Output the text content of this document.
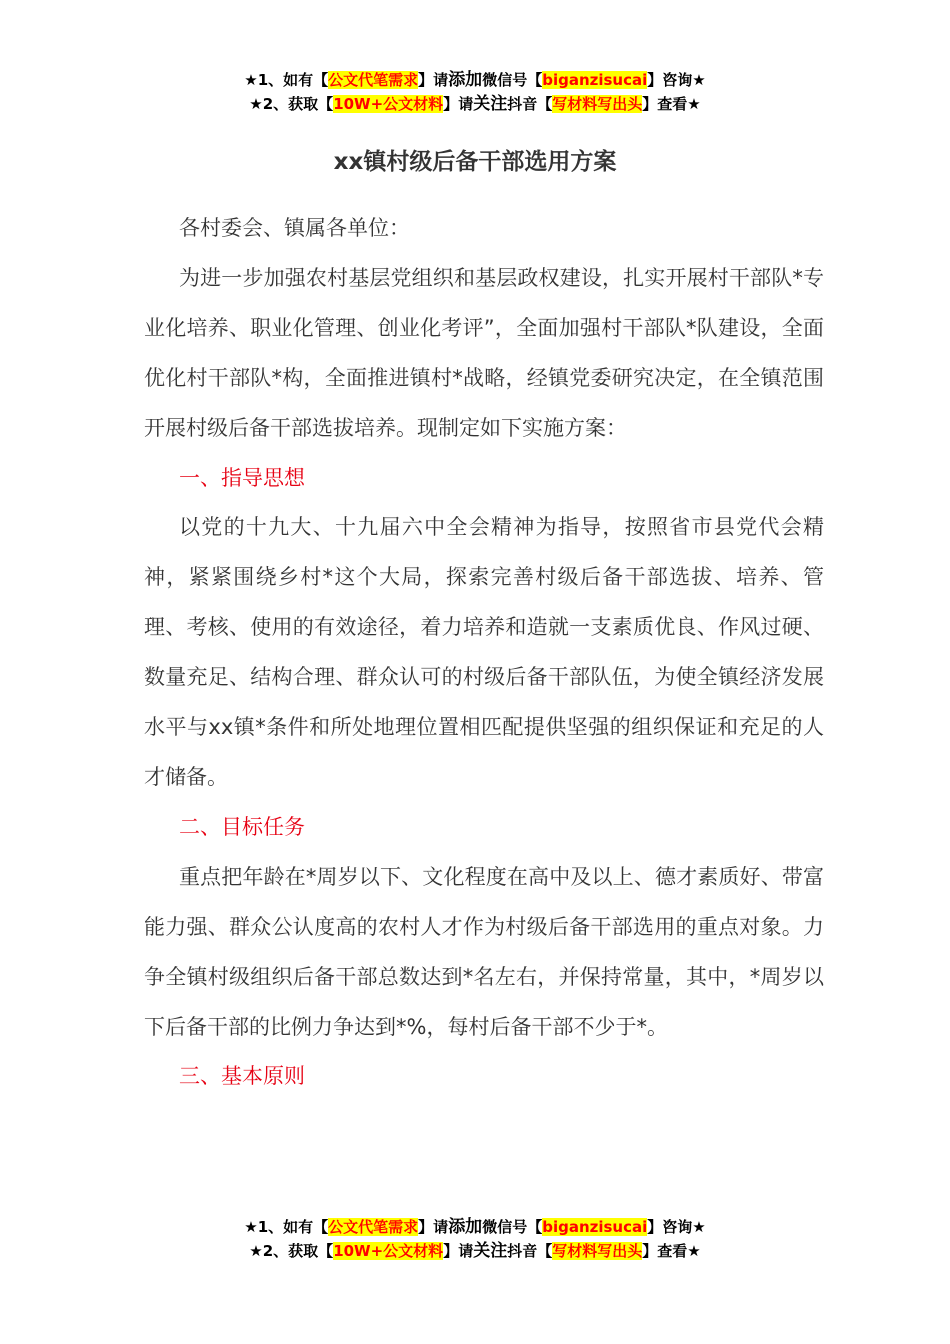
★1、如有【公文代笔需求】请添加微信号【biganzisucai】咨询★
★2、获取【10W+公文材料】请关注抖音【写材料写出头】查看★
xx镇村级后备干部选用方案

各村委会、镇属各单位：

为进一步加强农村基层党组织和基层政权建设，扎实开展村干部队*专业化培养、职业化管理、创业化考评”，全面加强村干部队*队建设，全面优化村干部队*构，全面推进镇村*战略，经镇党委研究决定，在全镇范围开展村级后备干部选拔培养。现制定如下实施方案：

一、指导思想

以党的十九大、十九届六中全会精神为指导，按照省市县党代会精神，紧紧围绕乡村*这个大局，探索完善村级后备干部选拔、培养、管理、考核、使用的有效途径，着力培养和造就一支素质优良、作风过硬、数量充足、结构合理、群众认可的村级后备干部队伍，为使全镇经济发展水平与xx镇*条件和所处地理位置相匹配提供坚强的组织保证和充足的人才储备。

二、目标任务

重点把年龄在*周岁以下、文化程度在高中及以上、德才素质好、带富能力强、群众公认度高的农村人才作为村级后备干部选用的重点对象。力争全镇村级组织后备干部总数达到*名左右，并保持常量，其中，*周岁以下后备干部的比例力争达到*%，每村后备干部不少于*。

三、基本原则

★1、如有【公文代笔需求】请添加微信号【biganzisucai】咨询★
★2、获取【10W+公文材料】请关注抖音【写材料写出头】查看★
